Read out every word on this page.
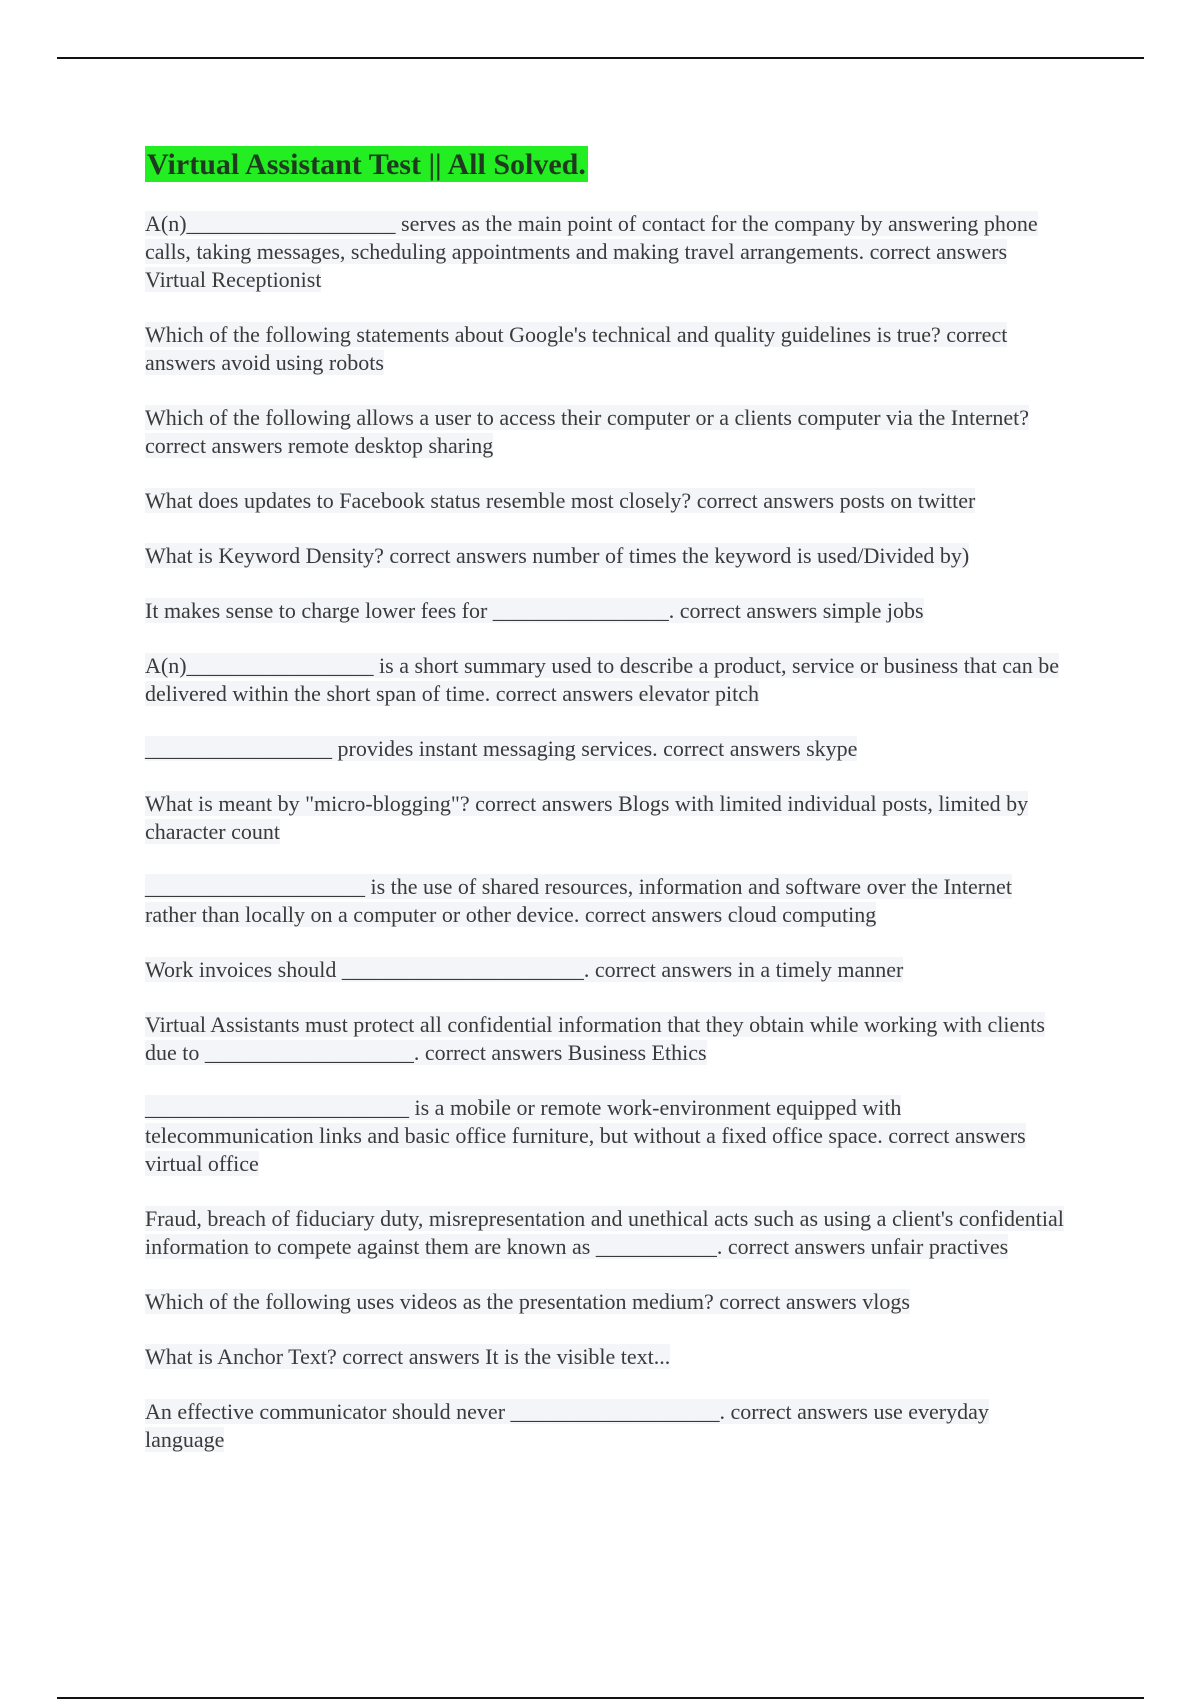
Virtual Assistant Test || All Solved.

A(n)___________________ serves as the main point of contact for the company by answering phone calls, taking messages, scheduling appointments and making travel arrangements. correct answers Virtual Receptionist

Which of the following statements about Google's technical and quality guidelines is true? correct answers avoid using robots

Which of the following allows a user to access their computer or a clients computer via the Internet? correct answers remote desktop sharing

What does updates to Facebook status resemble most closely? correct answers posts on twitter

What is Keyword Density? correct answers number of times the keyword is used/Divided by)

It makes sense to charge lower fees for ________________. correct answers simple jobs

A(n)_________________ is a short summary used to describe a product, service or business that can be delivered within the short span of time. correct answers elevator pitch

_________________ provides instant messaging services. correct answers skype

What is meant by "micro-blogging"? correct answers Blogs with limited individual posts, limited by character count

____________________ is the use of shared resources, information and software over the Internet rather than locally on a computer or other device. correct answers cloud computing

Work invoices should ______________________. correct answers in a timely manner

Virtual Assistants must protect all confidential information that they obtain while working with clients due to ___________________. correct answers Business Ethics

________________________ is a mobile or remote work-environment equipped with telecommunication links and basic office furniture, but without a fixed office space. correct answers virtual office

Fraud, breach of fiduciary duty, misrepresentation and unethical acts such as using a client's confidential information to compete against them are known as ___________. correct answers unfair practives

Which of the following uses videos as the presentation medium? correct answers vlogs

What is Anchor Text? correct answers It is the visible text...

An effective communicator should never ___________________. correct answers use everyday language
